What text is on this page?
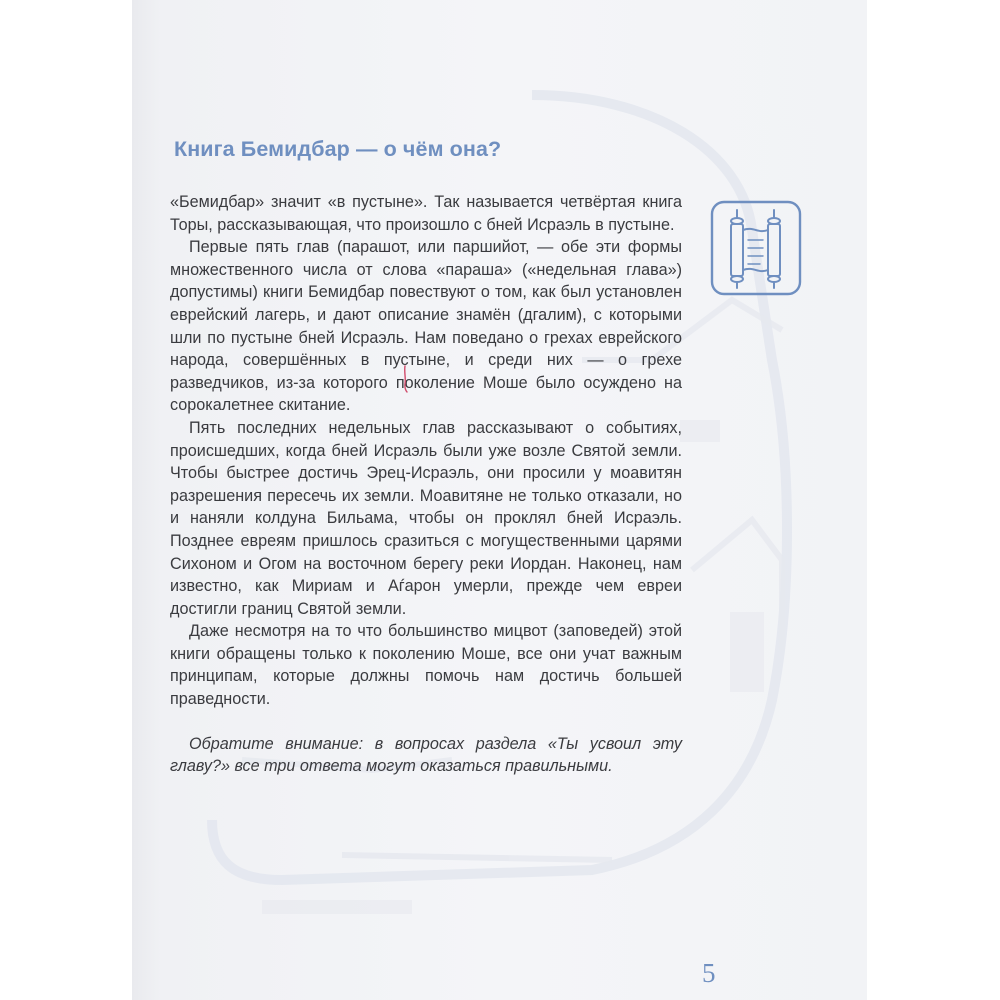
Книга Бемидбар — о чём она?

«Бемидбар» значит «в пустыне». Так называется четвёртая книга Торы, рассказывающая, что произошло с бней Исраэль в пустыне.

Первые пять глав (парашот, или паршийот, — обе эти формы множественного числа от слова «параша» («недельная глава») допустимы) книги Бемидбар повествуют о том, как был установлен еврейский лагерь, и дают описание знамён (дгалим), с которыми шли по пустыне бней Исраэль. Нам поведано о грехах еврейского народа, совершённых в пустыне, и среди них — о грехе разведчиков, из-за которого поколение Моше было осуждено на сорокалетнее скитание.

Пять последних недельных глав рассказывают о событиях, происшедших, когда бней Исраэль были уже возле Святой земли. Чтобы быстрее достичь Эрец-Исраэль, они просили у моавитян разрешения пересечь их земли. Моавитяне не только отказали, но и наняли колдуна Бильама, чтобы он проклял бней Исраэль. Позднее евреям пришлось сразиться с могущественными царями Сихоном и Огом на восточном берегу реки Иордан. Наконец, нам известно, как Мириам и Аѓарон умерли, прежде чем евреи достигли границ Святой земли.

Даже несмотря на то что большинство мицвот (заповедей) этой книги обращены только к поколению Моше, все они учат важным принципам, которые должны помочь нам достичь большей праведности.

Обратите внимание: в вопросах раздела «Ты усвоил эту главу?» все три ответа могут оказаться правильными.

5
